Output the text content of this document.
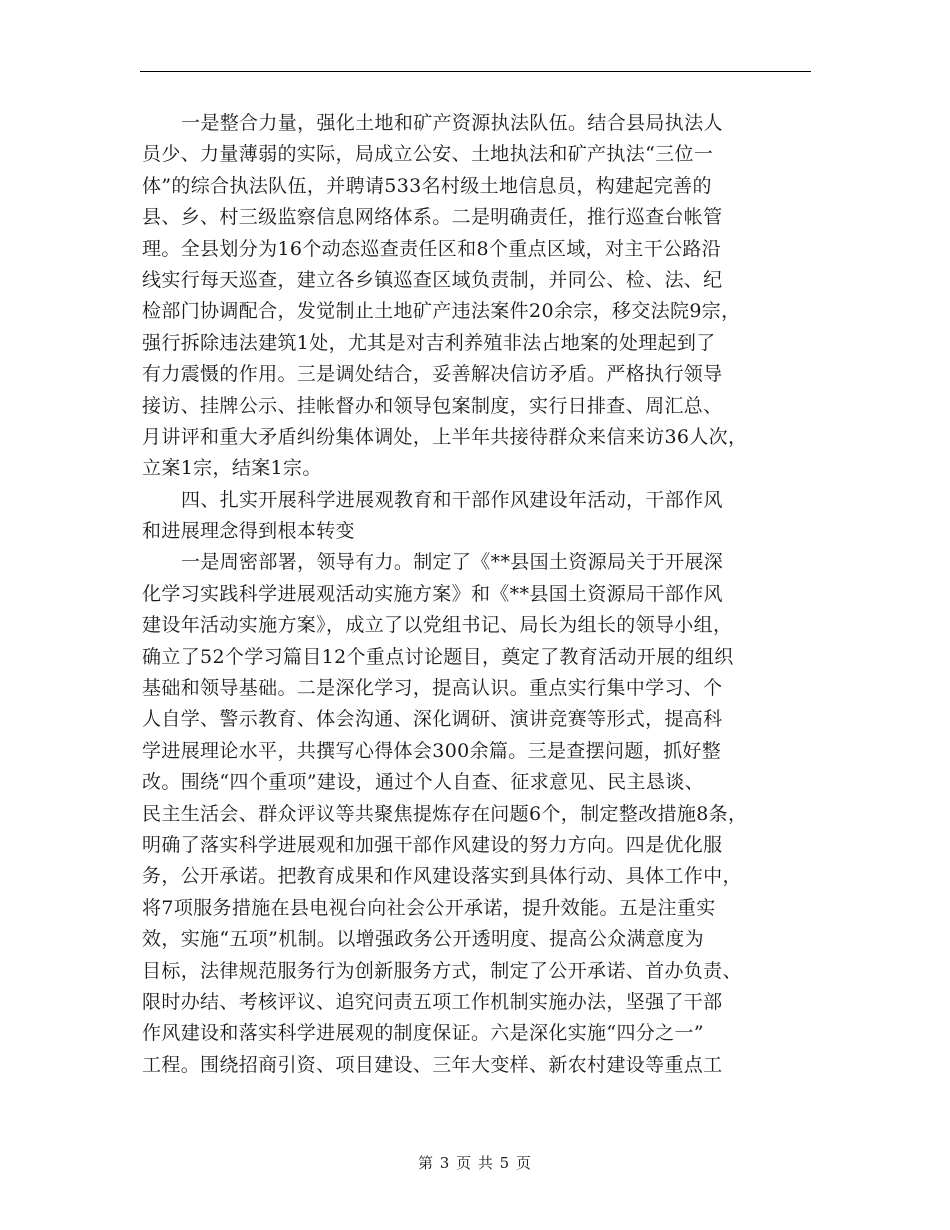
一是整合力量，强化土地和矿产资源执法队伍。结合县局执法人
员少、力量薄弱的实际，局成立公安、土地执法和矿产执法“三位一
体”的综合执法队伍，并聘请533名村级土地信息员，构建起完善的
县、乡、村三级监察信息网络体系。二是明确责任，推行巡查台帐管
理。全县划分为16个动态巡查责任区和8个重点区域，对主干公路沿
线实行每天巡查，建立各乡镇巡查区域负责制，并同公、检、法、纪
检部门协调配合，发觉制止土地矿产违法案件20余宗，移交法院9宗，
强行拆除违法建筑1处，尤其是对吉利养殖非法占地案的处理起到了
有力震慑的作用。三是调处结合，妥善解决信访矛盾。严格执行领导
接访、挂牌公示、挂帐督办和领导包案制度，实行日排查、周汇总、
月讲评和重大矛盾纠纷集体调处，上半年共接待群众来信来访36人次，
立案1宗，结案1宗。
四、扎实开展科学进展观教育和干部作风建设年活动，干部作风
和进展理念得到根本转变
一是周密部署，领导有力。制定了《**县国土资源局关于开展深
化学习实践科学进展观活动实施方案》和《**县国土资源局干部作风
建设年活动实施方案》，成立了以党组书记、局长为组长的领导小组，
确立了52个学习篇目12个重点讨论题目，奠定了教育活动开展的组织
基础和领导基础。二是深化学习，提高认识。重点实行集中学习、个
人自学、警示教育、体会沟通、深化调研、演讲竞赛等形式，提高科
学进展理论水平，共撰写心得体会300余篇。三是查摆问题，抓好整
改。围绕“四个重项”建设，通过个人自查、征求意见、民主恳谈、
民主生活会、群众评议等共聚焦提炼存在问题6个，制定整改措施8条，
明确了落实科学进展观和加强干部作风建设的努力方向。四是优化服
务，公开承诺。把教育成果和作风建设落实到具体行动、具体工作中，
将7项服务措施在县电视台向社会公开承诺，提升效能。五是注重实
效，实施“五项”机制。以增强政务公开透明度、提高公众满意度为
目标，法律规范服务行为创新服务方式，制定了公开承诺、首办负责、
限时办结、考核评议、追究问责五项工作机制实施办法，坚强了干部
作风建设和落实科学进展观的制度保证。六是深化实施“四分之一”
工程。围绕招商引资、项目建设、三年大变样、新农村建设等重点工
第 3 页 共 5 页
